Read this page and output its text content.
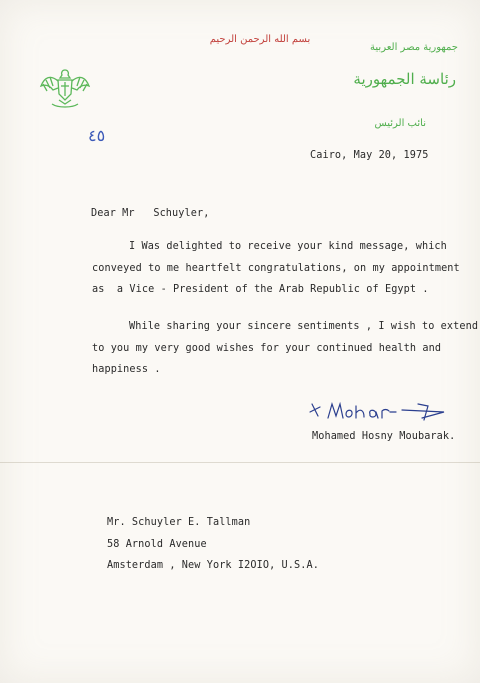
بسم الله الرحمن الرحيم
جمهورية مصر العربية
رئاسة الجمهورية
نائب الرئيس
٤٥
Cairo, May 20, 1975
Dear Mr   Schuyler,
I Was delighted to receive your kind message, which
conveyed to me heartfelt congratulations, on my appointment
as  a Vice - President of the Arab Republic of Egypt .
While sharing your sincere sentiments , I wish to extend
to you my very good wishes for your continued health and
happiness .
Mohamed Hosny Moubarak.
Mr. Schuyler E. Tallman
58 Arnold Avenue
Amsterdam , New York I2OIO, U.S.A.
